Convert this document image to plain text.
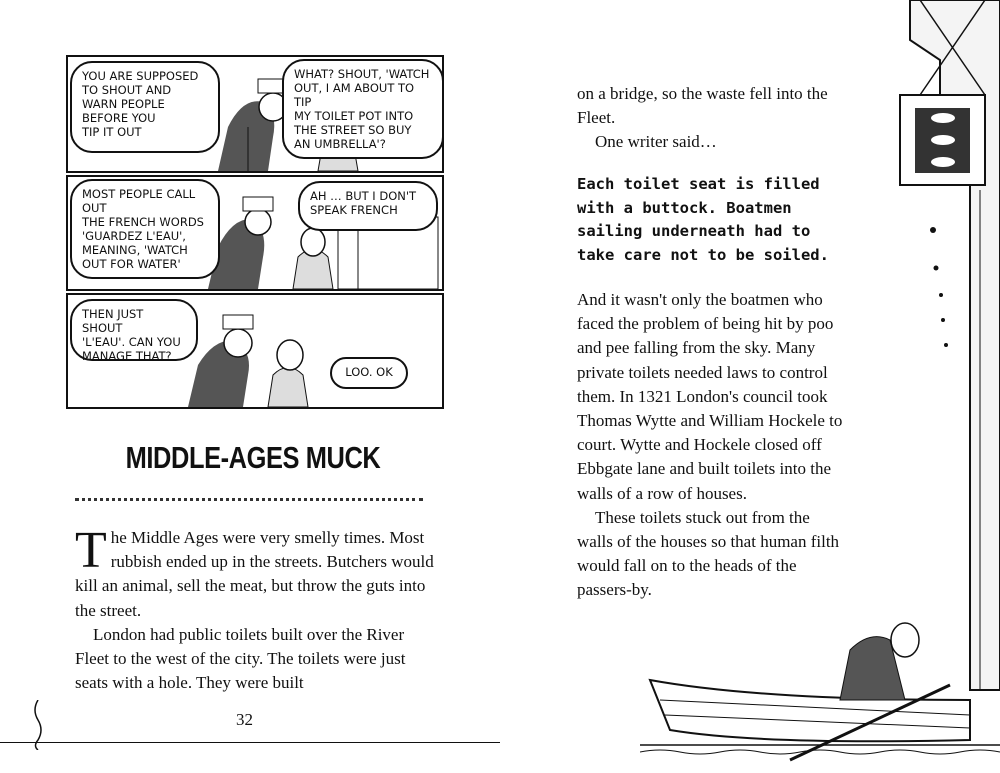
YOU ARE SUPPOSED
TO SHOUT AND
WARN PEOPLE
BEFORE YOU
TIP IT OUT
WHAT? SHOUT, 'WATCH
OUT, I AM ABOUT TO TIP
MY TOILET POT INTO
THE STREET SO BUY
AN UMBRELLA'?
MOST PEOPLE CALL OUT
THE FRENCH WORDS
'GUARDEZ L'EAU',
MEANING, 'WATCH
OUT FOR WATER'
AH … BUT I DON'T
SPEAK FRENCH
THEN JUST SHOUT
'L'EAU'. CAN YOU
MANAGE THAT?
LOO. OK
MIDDLE-AGES MUCK

The Middle Ages were very smelly times. Most rubbish ended up in the streets. Butchers would kill an animal, sell the meat, but throw the guts into the street.

London had public toilets built over the River Fleet to the west of the city. The toilets were just seats with a hole. They were built

32

on a bridge, so the waste fell into the Fleet.

One writer said…

Each toilet seat is filled with a buttock. Boatmen sailing underneath had to take care not to be soiled.

And it wasn't only the boatmen who faced the problem of being hit by poo and pee falling from the sky. Many private toilets needed laws to control them. In 1321 London's council took Thomas Wytte and William Hockele to court. Wytte and Hockele closed off Ebbgate lane and built toilets into the walls of a row of houses.

These toilets stuck out from the walls of the houses so that human filth would fall on to the heads of the passers-by.
